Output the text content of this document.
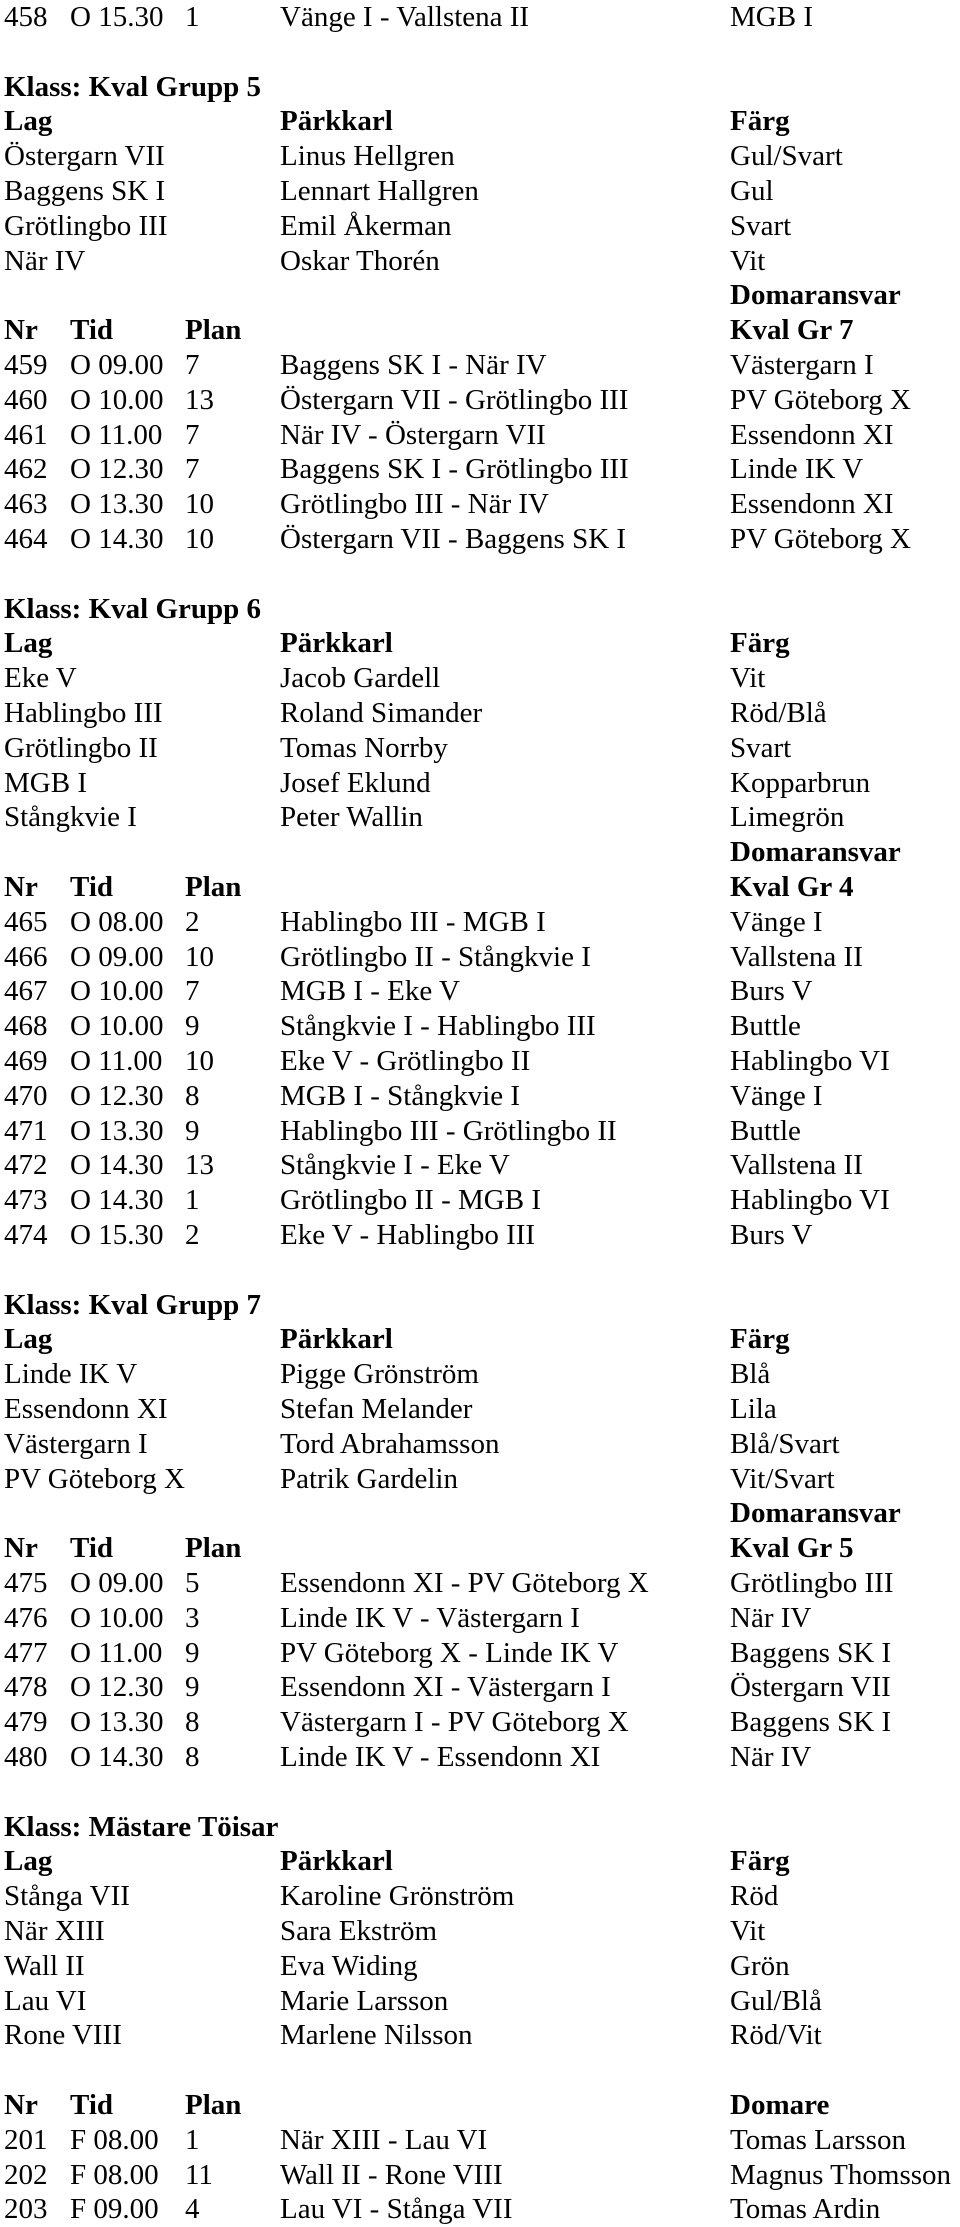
458 O 15.30 1	Vänge I - Vallstena II	MGB I
Klass: Kval Grupp 5
Lag	Pärkkarl	Färg
Östergarn VII	Linus Hellgren	Gul/Svart
Baggens SK I	Lennart Hallgren	Gul
Grötlingbo III	Emil Åkerman	Svart
När IV	Oskar Thorén	Vit
Domaransvar
Nr Tid Plan	Kval Gr 7
459 O 09.00 7	Baggens SK I - När IV	Västergarn I
460 O 10.00 13 Östergarn VII - Grötlingbo III	PV Göteborg X
461 O 11.00 7	När IV - Östergarn VII	Essendonn XI
462 O 12.30 7	Baggens SK I - Grötlingbo III	Linde IK V
463 O 13.30 10 Grötlingbo III - När IV	Essendonn XI
464 O 14.30 10 Östergarn VII - Baggens SK I	PV Göteborg X
Klass: Kval Grupp 6
Lag	Pärkkarl	Färg
Eke V	Jacob Gardell	Vit
Hablingbo III	Roland Simander	Röd/Blå
Grötlingbo II	Tomas Norrby	Svart
MGB I	Josef Eklund	Kopparbrun
Stångkvie I	Peter Wallin	Limegrön
Domaransvar
Nr Tid Plan	Kval Gr 4
465 O 08.00 2	Hablingbo III - MGB I	Vänge I
466 O 09.00 10 Grötlingbo II - Stångkvie I	Vallstena II
467 O 10.00 7	MGB I - Eke V	Burs V
468 O 10.00 9	Stångkvie I - Hablingbo III	Buttle
469 O 11.00 10 Eke V - Grötlingbo II	Hablingbo VI
470 O 12.30 8	MGB I - Stångkvie I	Vänge I
471 O 13.30 9	Hablingbo III - Grötlingbo II	Buttle
472 O 14.30 13 Stångkvie I - Eke V	Vallstena II
473 O 14.30 1	Grötlingbo II - MGB I	Hablingbo VI
474 O 15.30 2	Eke V - Hablingbo III	Burs V
Klass: Kval Grupp 7
Lag	Pärkkarl	Färg
Linde IK V	Pigge Grönström	Blå
Essendonn XI	Stefan Melander	Lila
Västergarn I	Tord Abrahamsson	Blå/Svart
PV Göteborg X	Patrik Gardelin	Vit/Svart
Domaransvar
Nr Tid Plan	Kval Gr 5
475 O 09.00 5	Essendonn XI - PV Göteborg X	Grötlingbo III
476 O 10.00 3	Linde IK V - Västergarn I	När IV
477 O 11.00 9	PV Göteborg X - Linde IK V	Baggens SK I
478 O 12.30 9	Essendonn XI - Västergarn I	Östergarn VII
479 O 13.30 8	Västergarn I - PV Göteborg X	Baggens SK I
480 O 14.30 8	Linde IK V - Essendonn XI	När IV
Klass: Mästare Töisar
Lag	Pärkkarl	Färg
Stånga VII	Karoline Grönström	Röd
När XIII	Sara Ekström	Vit
Wall II	Eva Widing	Grön
Lau VI	Marie Larsson	Gul/Blå
Rone VIII	Marlene Nilsson	Röd/Vit
Nr Tid Plan	Domare
201 F 08.00 1	När XIII - Lau VI	Tomas Larsson
202 F 08.00 11 Wall II - Rone VIII	Magnus Thomsson
203 F 09.00 4	Lau VI - Stånga VII	Tomas Ardin
